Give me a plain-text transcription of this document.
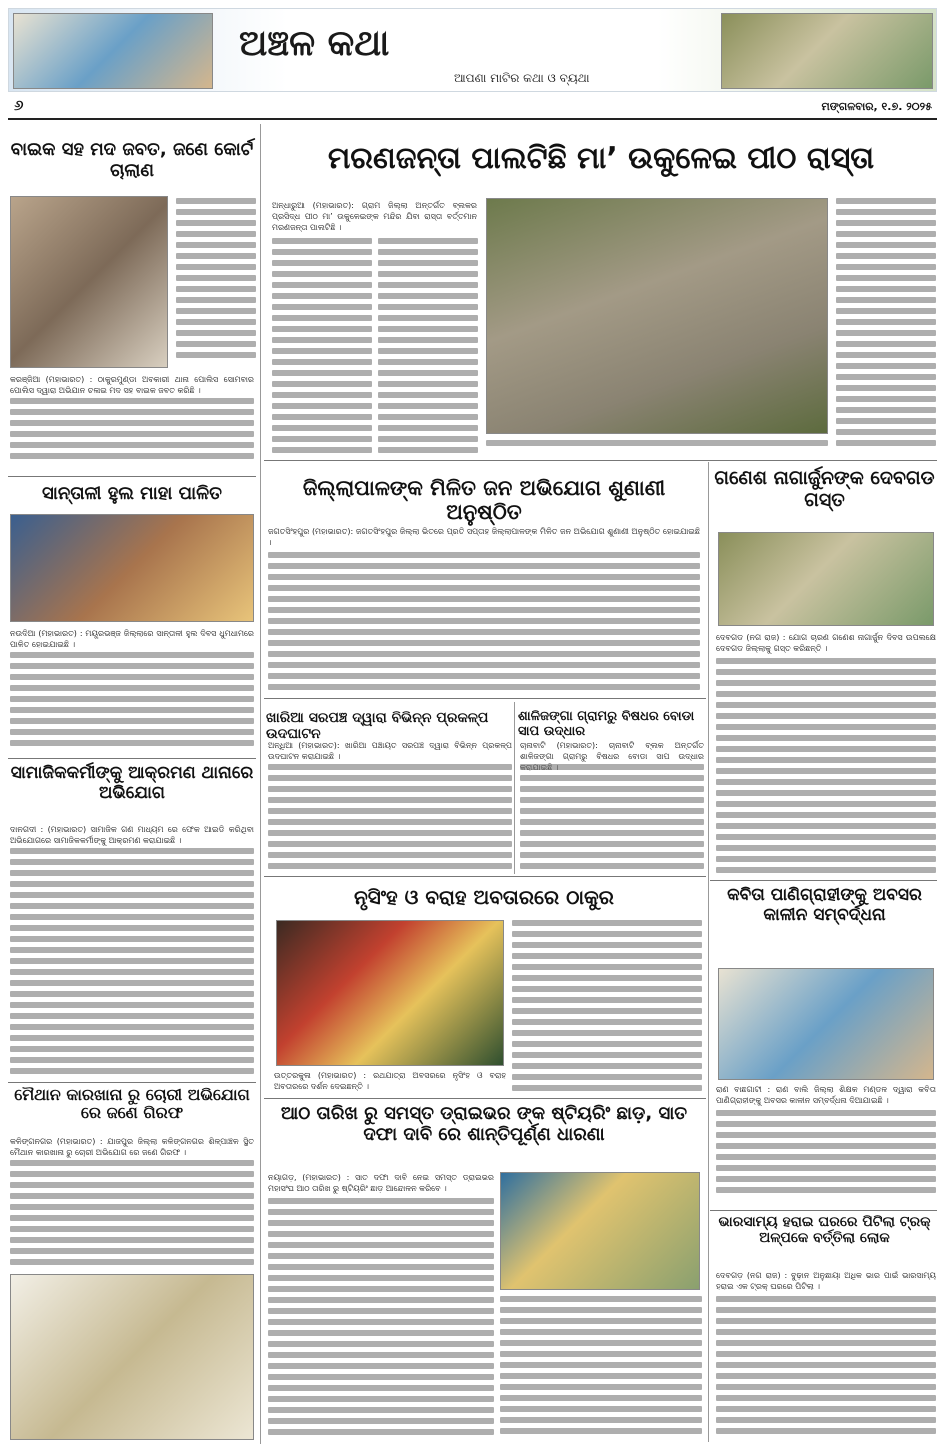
ଅଞ୍ଚଳ କଥା
ଆପଣା ମାଟିର କଥା ଓ ବ୍ୟଥା
୬	ମଙ୍ଗଳବାର, ୧.୭. ୨୦୨୫
ବାଇକ ସହ ମଦ ଜବତ, ଜଣେ କୋର୍ଟ ଚାଲାଣ
କରଞ୍ଜିଆ (ମହାଭାରତ) : ଠାକୁରମୁଣ୍ଡା ଅବକାରୀ ଥାନା ପୋଲିସ ସୋମବାର ପୋଲିସ ଦ୍ୱାରା ଅଭିଯାନ ଚଳାଇ ମଦ ସହ ବାଇକ ଜବତ କରିଛି ।
ସାନ୍ତାଳୀ ହୁଲ ମାହା ପାଳିତ
ନଉଦିଆ (ମହାଭାରତ) : ମୟୂରଭଞ୍ଜ ଜିଲ୍ଲାରେ ସାନ୍ତାଳୀ ହୁଲ ଦିବସ ଧୁମଧାମରେ ପାଳିତ ହୋଇଯାଇଛି ।
ସାମାଜିକକର୍ମୀଙ୍କୁ ଆକ୍ରମଣ ଥାନାରେ ଅଭିଯୋଗ
ଦାନଗଦୀ : (ମହାଭାରତ) ସାମାଜିକ ଗଣ ମାଧ୍ୟମ ରେ ଫେକ ଆଇଡି କରିଥିବା ଅଭିଯୋଗରେ ସାମାଜିକକର୍ମୀଙ୍କୁ ଆକ୍ରମଣ କରାଯାଇଛି ।
ମୈଥାନ କାରଖାନା ରୁ ଚୋରୀ ଅଭିଯୋଗ ରେ ଜଣେ ଗିରଫ
କଳିଙ୍ଗନଗର (ମହାଭାରତ) : ଯାଜପୁର ଜିଲ୍ଲା କଳିଙ୍ଗନଗର ଶିଳ୍ପାଞ୍ଚଳ ସ୍ଥିତ ମୈଥାନ କାରଖାନା ରୁ ଚୋରୀ ଅଭିଯୋଗ ରେ ଜଣେ ଗିରଫ ।
ମରଣଜନ୍ତା ପାଲଟିଛି ମା’ ଉକୁଳେଇ ପୀଠ ରାସ୍ତା
ଅନ୍ଧାରୁଆ (ମହାଭାରତ): ଗ୍ରାମ ଜିଲ୍ଲା ଅନ୍ତର୍ଗତ ବ୍ଲକର ପ୍ରସିଦ୍ଧ ପୀଠ ମା’ ଉକୁଳେଇଙ୍କ ମନ୍ଦିର ଯିବା ରାସ୍ତା ବର୍ତ୍ତମାନ ମରଣଜନ୍ତା ପାଲଟିଛି ।
ଜିଲ୍ଲାପାଳଙ୍କ ମିଳିତ ଜନ ଅଭିଯୋଗ ଶୁଣାଣୀ ଅନୁଷ୍ଠିତ
ଜଗତସିଂହପୁର (ମହାଭାରତ): ଜଗତସିଂହପୁର ଜିଲ୍ଲା ଭିତରେ ପ୍ରତି ସପ୍ତାହ ଜିଲ୍ଲାପାଳଙ୍କ ମିଳିତ ଜନ ଅଭିଯୋଗ ଶୁଣାଣୀ ଅନୁଷ୍ଠିତ ହୋଇଯାଇଛି ।
ଗଣେଶ ନାଗାର୍ଜୁନଙ୍କ ଦେବଗଡ ଗସ୍ତ
ଦେବଗଡ (ନଗ ରାଜ) : ଯୋଗ ଚାରଣ ଗଣେଶ ନାଗାର୍ଜୁନ ଦିବସ ଉପଲକ୍ଷେ ଦେବଗଡ ଜିଲ୍ଲାକୁ ଗସ୍ତ କରିଛନ୍ତି ।
ଖାରିଆ ସରପଞ୍ଚ ଦ୍ୱାରା ବିଭିନ୍ନ ପ୍ରକଳ୍ପ ଉଦଘାଟନ
ଅନ୍ଧିଆ (ମହାଭାରତ): ଖାରିଆ ପଞ୍ଚାୟତ ସରପଞ୍ଚ ଦ୍ୱାରା ବିଭିନ୍ନ ପ୍ରକଳ୍ପ ଉଦଘାଟନ କରାଯାଇଛି ।
ଶାଳିଜଙ୍ଗା ଗ୍ରାମରୁ ବିଷଧର ବୋଡା ସାପ ଉଦ୍ଧାର
ଚାନାବାଟି (ମହାଭାରତ): ଚାନାବାଟି ବ୍ଲକ ଅନ୍ତର୍ଗତ ଶାଳିଜଙ୍ଗା ଗ୍ରାମରୁ ବିଷଧର ବୋଡା ସାପ ଉଦ୍ଧାର
ନୃସିଂହ ଓ ବରାହ ଅବତାରରେ ଠାକୁର
ଉତ୍ତରକୁଳା (ମହାଭାରତ) : ରଥଯାତ୍ରା ଅବସରରେ ନୃସିଂହ ଓ ବରାହ ଅବତାରରେ ଦର୍ଶନ ଦେଇଛନ୍ତି ।
ଆଠ ତାରିଖ ରୁ ସମସ୍ତ ଡ୍ରାଇଭର ଙ୍କ ଷ୍ଟିୟରିଂ ଛାଡ଼, ସାତ ଦଫା ଦାବି ରେ ଶାନ୍ତିପୂର୍ଣ୍ଣ ଧାରଣା
ନୟାଗଡ଼, (ମହାଭାରତ) : ସାତ ଦଫା ଦାବି ନେଇ ସମସ୍ତ ଡ୍ରାଇଭର ମହାସଂଘ ଆଠ ତାରିଖ ରୁ ଷ୍ଟିୟରିଂ ଛାଡ଼ ଆନ୍ଦୋଳନ କରିବେ ।
କବିତା ପାଣିଗ୍ରାହୀଙ୍କୁ ଅବସର କାଳୀନ ସମ୍ବର୍ଦ୍ଧନା
ରାଣ ବାଛଗାଟୀ : ରାଣ ବାଲି ଜିଲ୍ଲା ଶିକ୍ଷକ ମଣ୍ଡଳ ଦ୍ୱାରା କବିତା ପାଣିଗ୍ରାହୀଙ୍କୁ ଅବସର କାଳୀନ ସମ୍ବର୍ଦ୍ଧନା ଦିଆଯାଇଛି ।
ଭାରସାମ୍ୟ ହରାଇ ଘରରେ ପିଟିଲା ଟ୍ରକ୍ ଅଳ୍ପକେ ବର୍ତ୍ତିଲା ଲୋକ
ଦେବଗଡ଼ (ନଗ ରାଜ) : ବୁଢ଼ାନ ଅନୁଛାୟା ଅଧିକ ଭାର ପାଇଁ ଭାରସାମ୍ୟ ହରାଇ ଏକ ଟ୍ରକ୍ ଘରରେ ପିଟିଲା ।
